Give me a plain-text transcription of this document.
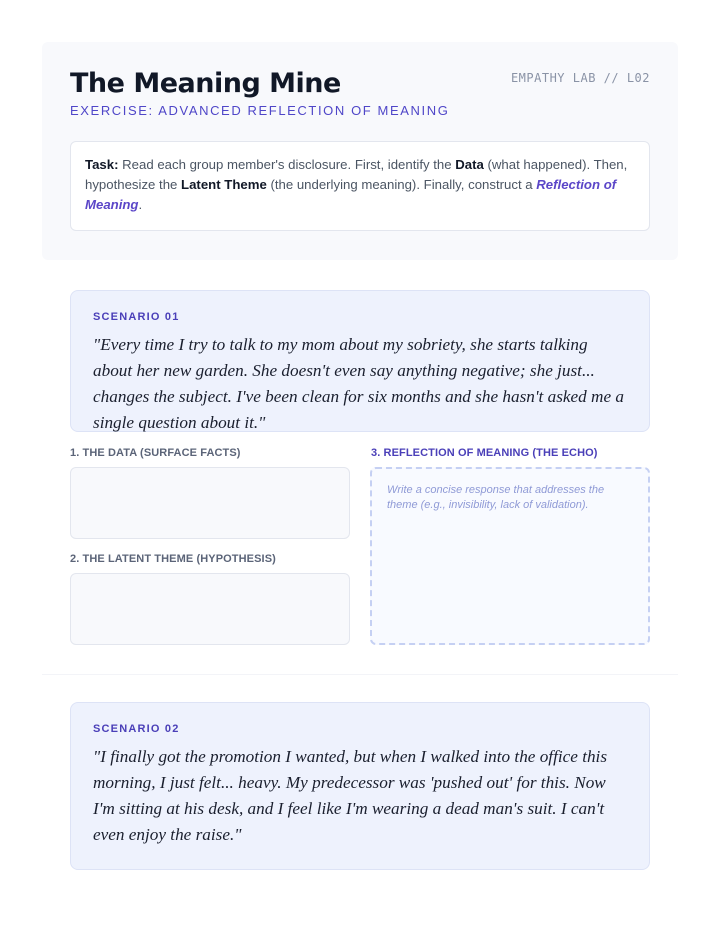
The Meaning Mine	EMPATHY LAB // L02
EXERCISE: ADVANCED REFLECTION OF MEANING
Task: Read each group member's disclosure. First, identify the Data (what happened). Then, hypothesize the Latent Theme (the underlying meaning). Finally, construct a Reflection of Meaning.
SCENARIO 01
"Every time I try to talk to my mom about my sobriety, she starts talking about her new garden. She doesn't even say anything negative; she just... changes the subject. I've been clean for six months and she hasn't asked me a single question about it."
1. THE DATA (SURFACE FACTS)
2. THE LATENT THEME (HYPOTHESIS)
3. REFLECTION OF MEANING (THE ECHO)
Write a concise response that addresses the theme (e.g., invisibility, lack of validation).
SCENARIO 02
"I finally got the promotion I wanted, but when I walked into the office this morning, I just felt... heavy. My predecessor was 'pushed out' for this. Now I'm sitting at his desk, and I feel like I'm wearing a dead man's suit. I can't even enjoy the raise."
